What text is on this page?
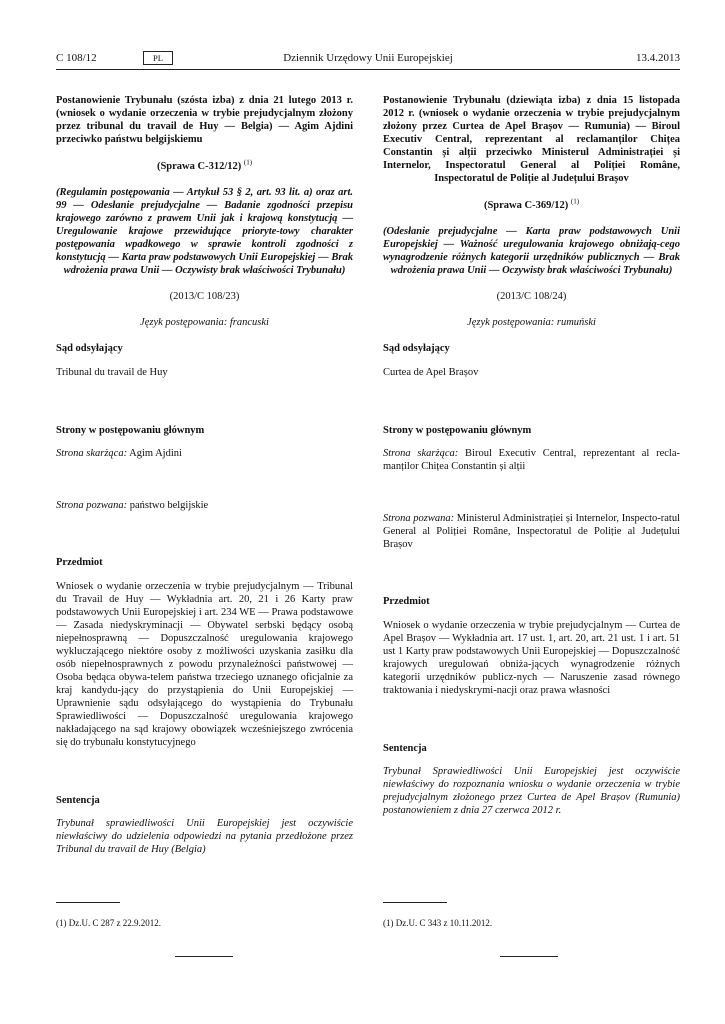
C 108/12	PL	Dziennik Urzędowy Unii Europejskiej	13.4.2013

Postanowienie Trybunału (szósta izba) z dnia 21 lutego 2013 r. (wniosek o wydanie orzeczenia w trybie prejudycjalnym złożony przez tribunal du travail de Huy — Belgia) — Agim Ajdini przeciwko państwu belgijskiemu

(Sprawa C-312/12) $^{(1)}$

(Regulamin postępowania — Artykuł 53 § 2, art. 93 lit. a) oraz art. 99 — Odesłanie prejudycjalne — Badanie zgodności przepisu krajowego zarówno z prawem Unii jak i krajową konstytucją — Uregulowanie krajowe przewidujące prioryte-towy charakter postępowania wpadkowego w sprawie kontroli zgodności z konstytucją — Karta praw podstawowych Unii Europejskiej — Brak wdrożenia prawa Unii — Oczywisty brak właściwości Trybunału)

(2013/C 108/23)

Język postępowania: francuski

Sąd odsyłający

Tribunal du travail de Huy

Strony w postępowaniu głównym

Strona skarżąca: Agim Ajdini

Strona pozwana: państwo belgijskie

Przedmiot

Wniosek o wydanie orzeczenia w trybie prejudycjalnym — Tribunal du Travail de Huy — Wykładnia art. 20, 21 i 26 Karty praw podstawowych Unii Europejskiej i art. 234 WE — Prawa podstawowe — Zasada niedyskryminacji — Obywatel serbski będący osobą niepełnosprawną — Dopuszczalność uregulowania krajowego wykluczającego niektóre osoby z możliwości uzyskania zasiłku dla osób niepełnosprawnych z powodu przynależności państwowej — Osoba będąca obywa-telem państwa trzeciego uznanego oficjalnie za kraj kandydu-jący do przystąpienia do Unii Europejskiej — Uprawnienie sądu odsyłającego do wystąpienia do Trybunału Sprawiedliwości — Dopuszczalność uregulowania krajowego nakładającego na sąd krajowy obowiązek wcześniejszego zwrócenia się do trybunału konstytucyjnego

Sentencja

Trybunał sprawiedliwości Unii Europejskiej jest oczywiście niewłaściwy do udzielenia odpowiedzi na pytania przedłożone przez Tribunal du travail de Huy (Belgia)

(1) Dz.U. C 287 z 22.9.2012.

Postanowienie Trybunału (dziewiąta izba) z dnia 15 listopada 2012 r. (wniosek o wydanie orzeczenia w trybie prejudycjalnym złożony przez Curtea de Apel Brașov — Rumunia) — Biroul Executiv Central, reprezentant al reclamanților Chițea Constantin și alții przeciwko Ministerul Administrației și Internelor, Inspectoratul General al Poliției Române, Inspectoratul de Poliție al Județului Brașov

(Sprawa C-369/12) $^{(1)}$

(Odesłanie prejudycjalne — Karta praw podstawowych Unii Europejskiej — Ważność uregulowania krajowego obniżają-cego wynagrodzenie różnych kategorii urzędników publicznych — Brak wdrożenia prawa Unii — Oczywisty brak właściwości Trybunału)

(2013/C 108/24)

Język postępowania: rumuński

Sąd odsyłający

Curtea de Apel Brașov

Strony w postępowaniu głównym

Strona skarżąca: Biroul Executiv Central, reprezentant al recla-manților Chițea Constantin și alții

Strona pozwana: Ministerul Administrației și Internelor, Inspecto-ratul General al Poliției Române, Inspectoratul de Poliție al Județului Brașov

Przedmiot

Wniosek o wydanie orzeczenia w trybie prejudycjalnym — Curtea de Apel Brașov — Wykładnia art. 17 ust. 1, art. 20, art. 21 ust. 1 i art. 51 ust 1 Karty praw podstawowych Unii Europejskiej — Dopuszczalność krajowych uregulowań obniża-jących wynagrodzenie różnych kategorii urzędników publicz-nych — Naruszenie zasad równego traktowania i niedyskrymi-nacji oraz prawa własności

Sentencja

Trybunał Sprawiedliwości Unii Europejskiej jest oczywiście niewłaściwy do rozpoznania wniosku o wydanie orzeczenia w trybie prejudycjalnym złożonego przez Curtea de Apel Brașov (Rumunia) postanowieniem z dnia 27 czerwca 2012 r.

(1) Dz.U. C 343 z 10.11.2012.
